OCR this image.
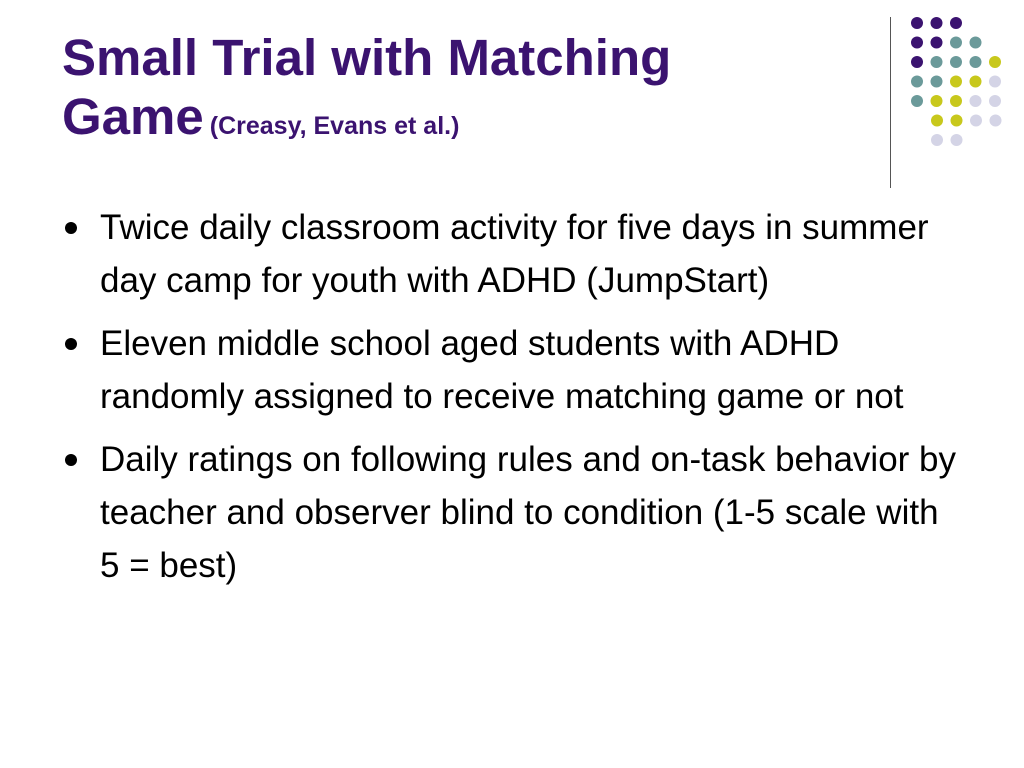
Small Trial with Matching
Game (Creasy, Evans et al.)
Twice daily classroom activity for five days in summer day camp for youth with ADHD (JumpStart)
Eleven middle school aged students with ADHD randomly assigned to receive matching game or not
Daily ratings on following rules and on-task behavior by teacher and observer blind to condition (1-5 scale with 5 = best)
